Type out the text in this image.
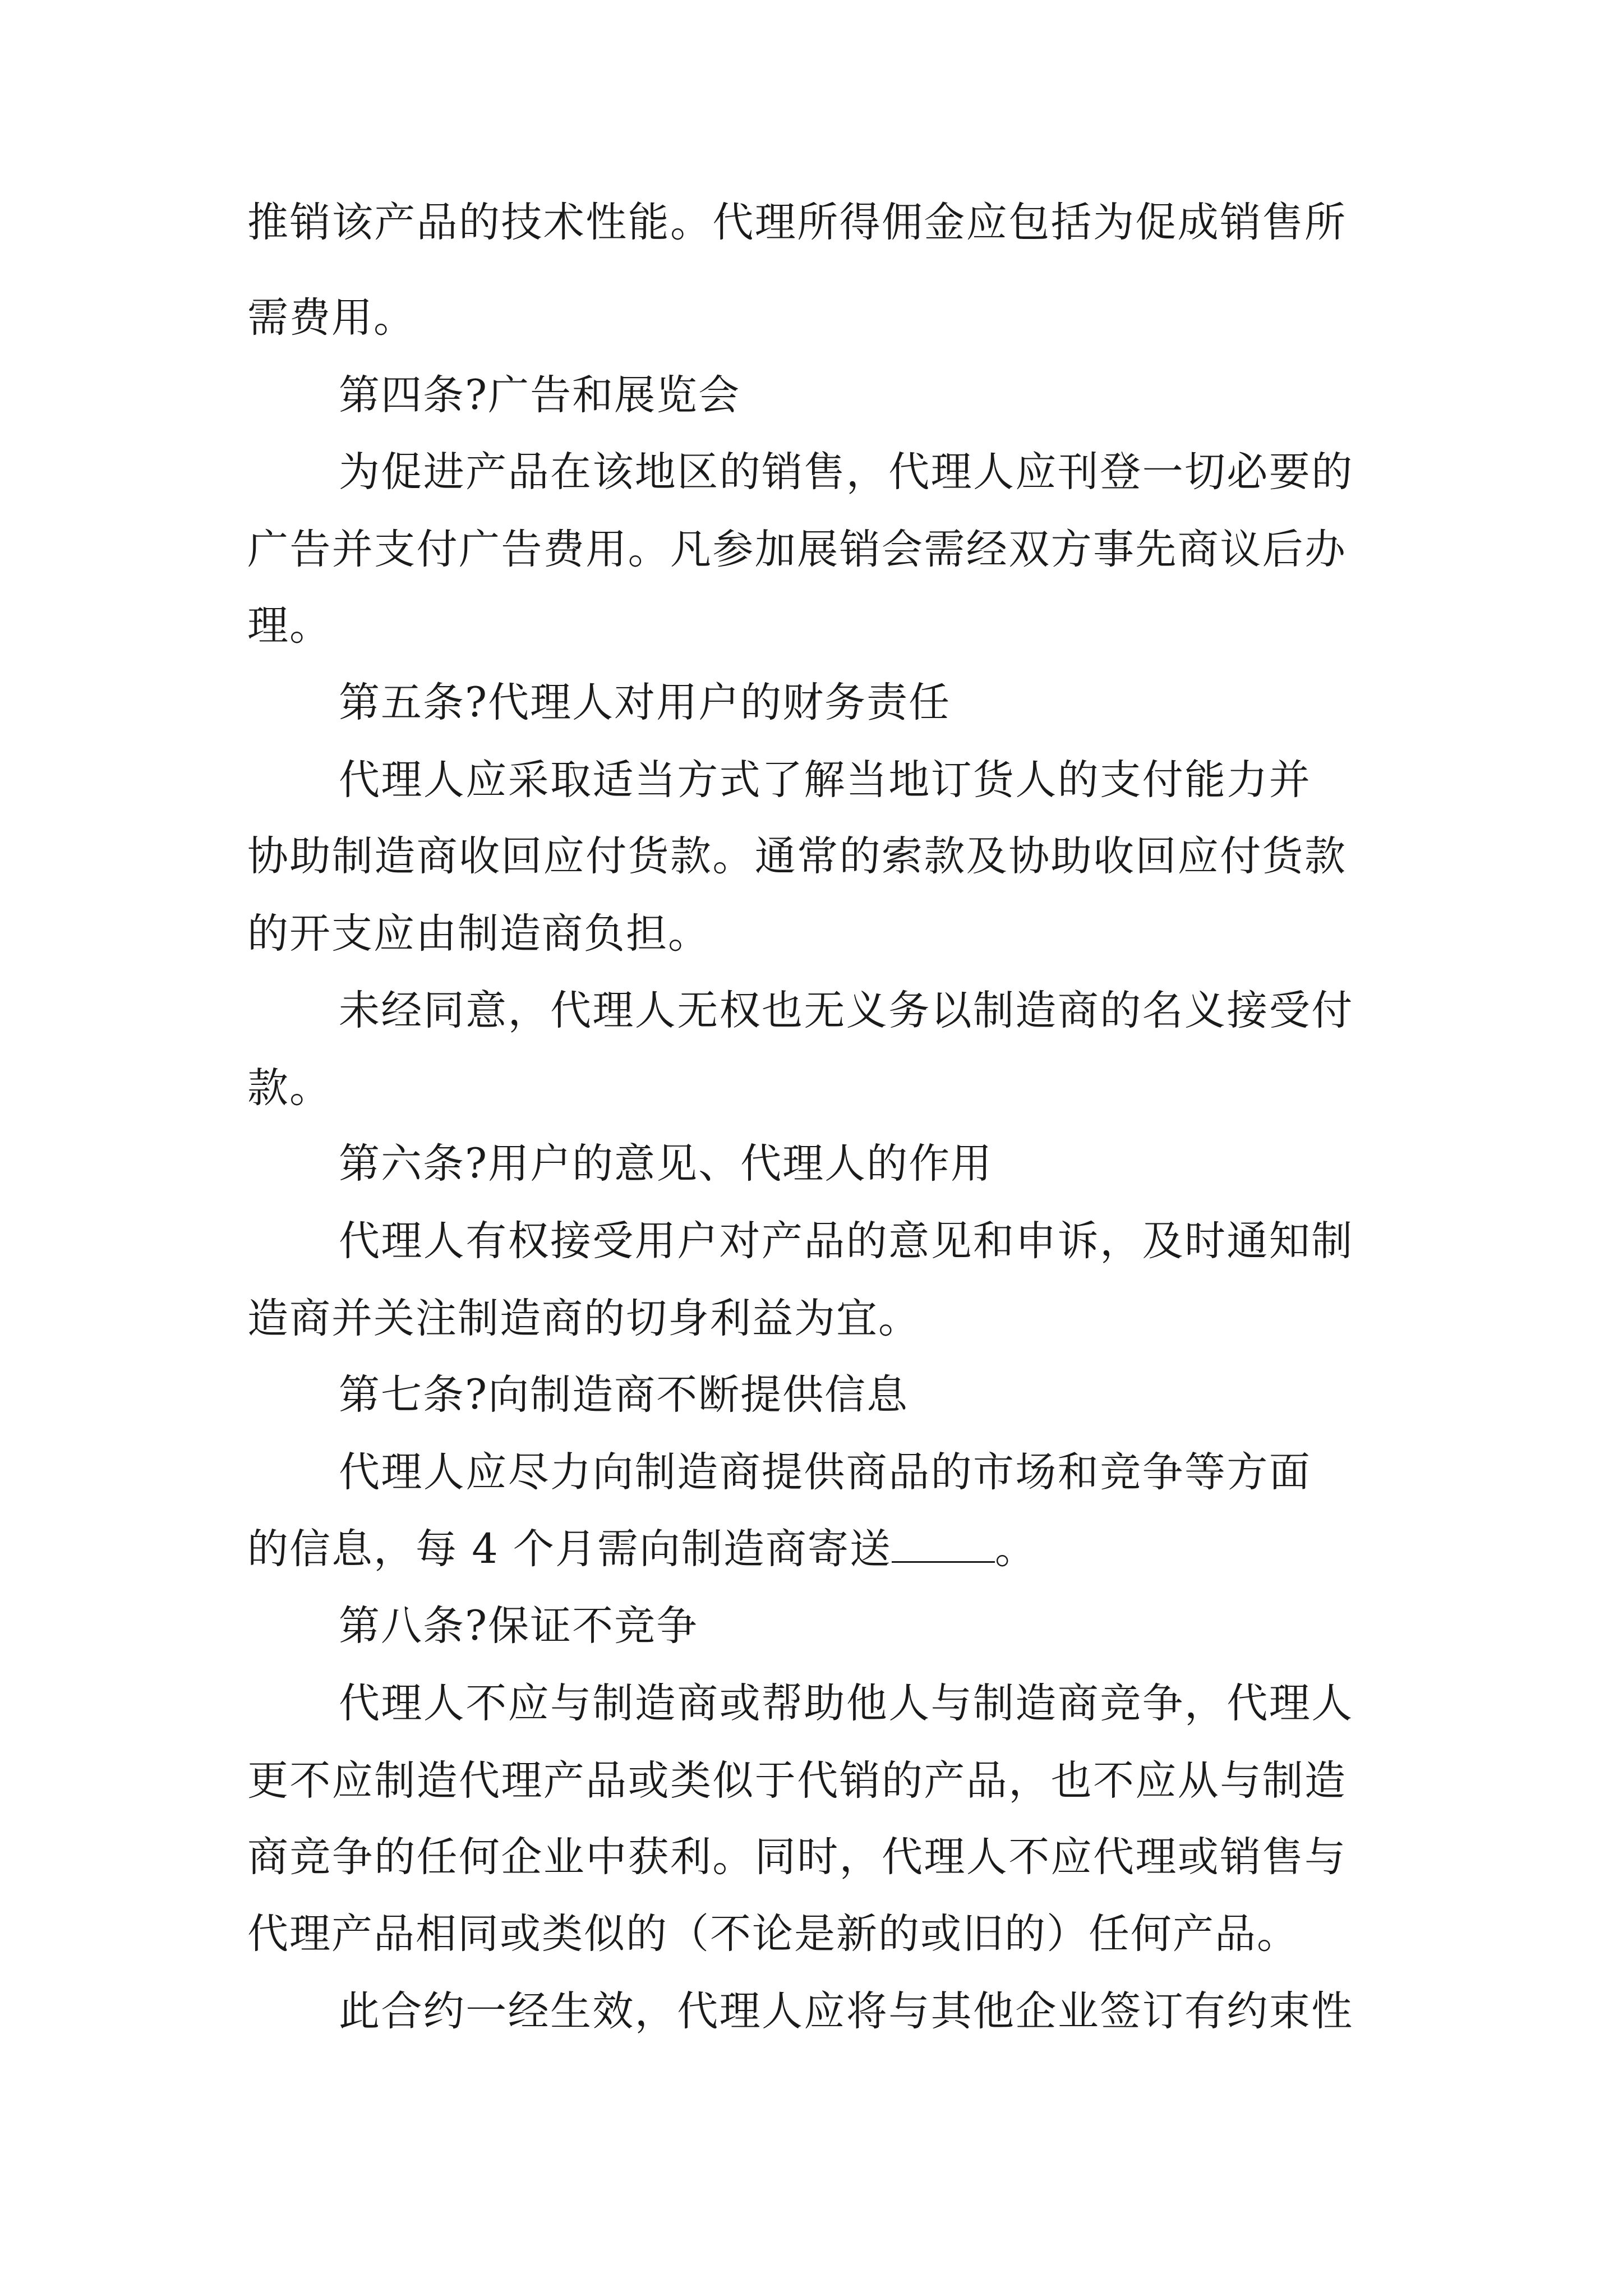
推销该产品的技术性能。代理所得佣金应包括为促成销售所
需费用。
第四条?广告和展览会
为促进产品在该地区的销售，代理人应刊登一切必要的
广告并支付广告费用。凡参加展销会需经双方事先商议后办
理。
第五条?代理人对用户的财务责任
代理人应采取适当方式了解当地订货人的支付能力并
协助制造商收回应付货款。通常的索款及协助收回应付货款
的开支应由制造商负担。
未经同意，代理人无权也无义务以制造商的名义接受付
款。
第六条?用户的意见、代理人的作用
代理人有权接受用户对产品的意见和申诉，及时通知制
造商并关注制造商的切身利益为宜。
第七条?向制造商不断提供信息
代理人应尽力向制造商提供商品的市场和竞争等方面
的信息，每 4 个月需向制造商寄送	。
第八条?保证不竞争
代理人不应与制造商或帮助他人与制造商竞争，代理人
更不应制造代理产品或类似于代销的产品，也不应从与制造
商竞争的任何企业中获利。同时，代理人不应代理或销售与
代理产品相同或类似的（不论是新的或旧的）任何产品。
此合约一经生效，代理人应将与其他企业签订有约束性
